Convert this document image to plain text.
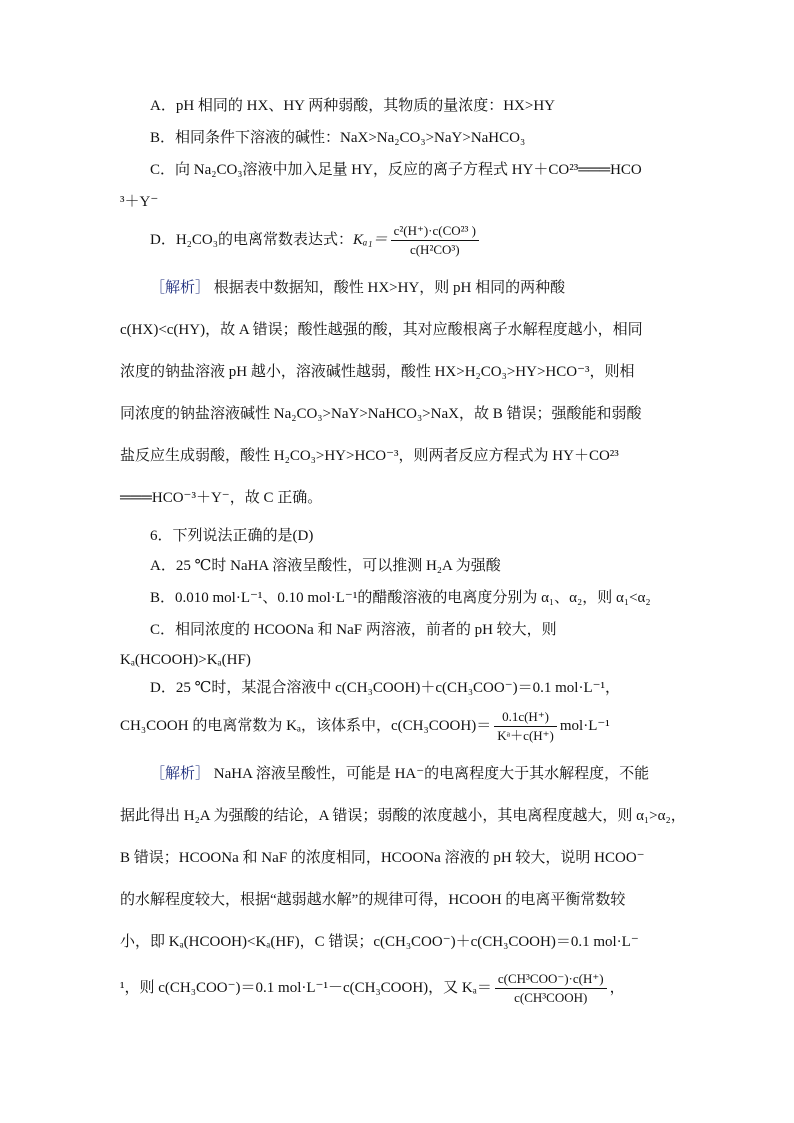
A．pH 相同的 HX、HY 两种弱酸，其物质的量浓度：HX>HY
B．相同条件下溶液的碱性：NaX>Na₂CO₃>NaY>NaHCO₃
C．向 Na₂CO₃溶液中加入足量 HY，反应的离子方程式 HY＋CO²³═══HCO
³＋Y⁻
D．H₂CO₃的电离常数表达式：$K_{a1}= \frac{\text{c²(H⁺)·c(CO²³ )}}{\text{c(H²CO³)}}$
［解析］ 根据表中数据知，酸性 HX>HY，则 pH 相同的两种酸
c(HX)<c(HY)，故 A 错误；酸性越强的酸，其对应酸根离子水解程度越小，相同
浓度的钠盐溶液 pH 越小，溶液碱性越弱，酸性 HX>H₂CO₃>HY>HCO⁻³，则相
同浓度的钠盐溶液碱性 Na₂CO₃>NaY>NaHCO₃>NaX，故 B 错误；强酸能和弱酸
盐反应生成弱酸，酸性 H₂CO₃>HY>HCO⁻³，则两者反应方程式为 HY＋CO²³
═══HCO⁻³＋Y⁻，故 C 正确。
6．下列说法正确的是(D)
A．25 ℃时 NaHA 溶液呈酸性，可以推测 H₂A 为强酸
B．0.010 mol·L⁻¹、0.10 mol·L⁻¹的醋酸溶液的电离度分别为 α₁、α₂，则 α₁<α₂
C．相同浓度的 HCOONa 和 NaF 两溶液，前者的 pH 较大，则
Kₐ(HCOOH)>Kₐ(HF)
D．25 ℃时，某混合溶液中 c(CH₃COOH)＋c(CH₃COO⁻)＝0.1 mol·L⁻¹，
CH₃COOH 的电离常数为 Kₐ，该体系中，c(CH₃COOH)＝ $\frac{0.1c(H^+)}{\text{Kᵃ＋c(H⁺)}} mol\cdot L^{-1}$
［解析］ NaHA 溶液呈酸性，可能是 HA⁻的电离程度大于其水解程度，不能
据此得出 H₂A 为强酸的结论，A 错误；弱酸的浓度越小，其电离程度越大，则 α₁>α₂，
B 错误；HCOONa 和 NaF 的浓度相同，HCOONa 溶液的 pH 较大，说明 HCOO⁻
的水解程度较大，根据“越弱越水解”的规律可得，HCOOH 的电离平衡常数较
小，即 Kₐ(HCOOH)<Kₐ(HF)，C 错误；c(CH₃COO⁻)＋c(CH₃COOH)＝0.1 mol·L⁻
¹，则 c(CH₃COO⁻)＝0.1 mol·L⁻¹－c(CH₃COOH)，又 $K_a= \frac{\text{c(CH³COO⁻)·c(H⁺)}}{\text{c(CH³COOH)}}$ ，
